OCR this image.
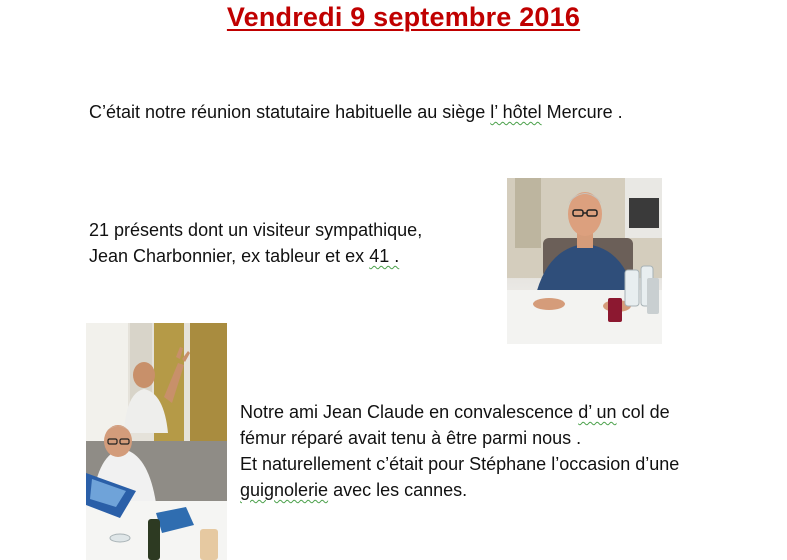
Vendredi 9 septembre 2016
C’était notre réunion statutaire habituelle au siège l’ hôtel Mercure .
21 présents dont un visiteur sympathique,
Jean Charbonnier, ex tableur et ex 41 .
Notre ami Jean Claude en convalescence d’ un col de
fémur réparé avait tenu à être parmi nous .
Et naturellement c’était pour Stéphane l’occasion d’une
guignolerie avec les cannes.
